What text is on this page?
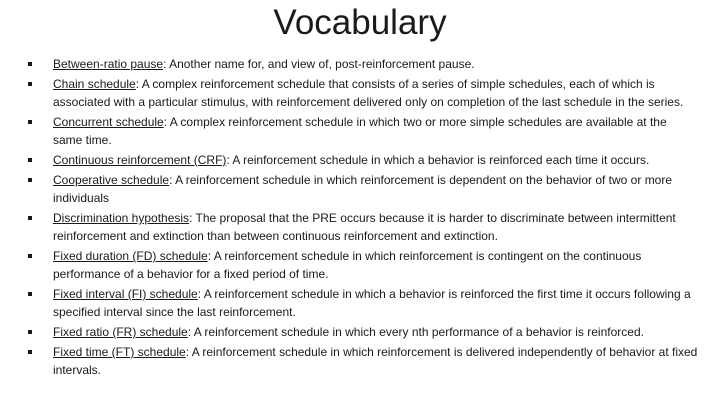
Vocabulary
Between-ratio pause: Another name for, and view of, post-reinforcement pause.
Chain schedule: A complex reinforcement schedule that consists of a series of simple schedules, each of which is associated with a particular stimulus, with reinforcement delivered only on completion of the last schedule in the series.
Concurrent schedule: A complex reinforcement schedule in which two or more simple schedules are available at the same time.
Continuous reinforcement (CRF): A reinforcement schedule in which a behavior is reinforced each time it occurs.
Cooperative schedule: A reinforcement schedule in which reinforcement is dependent on the behavior of two or more individuals
Discrimination hypothesis: The proposal that the PRE occurs because it is harder to discriminate between intermittent reinforcement and extinction than between continuous reinforcement and extinction.
Fixed duration (FD) schedule: A reinforcement schedule in which reinforcement is contingent on the continuous performance of a behavior for a fixed period of time.
Fixed interval (FI) schedule: A reinforcement schedule in which a behavior is reinforced the first time it occurs following a specified interval since the last reinforcement.
Fixed ratio (FR) schedule: A reinforcement schedule in which every nth performance of a behavior is reinforced.
Fixed time (FT) schedule: A reinforcement schedule in which reinforcement is delivered independently of behavior at fixed intervals.
